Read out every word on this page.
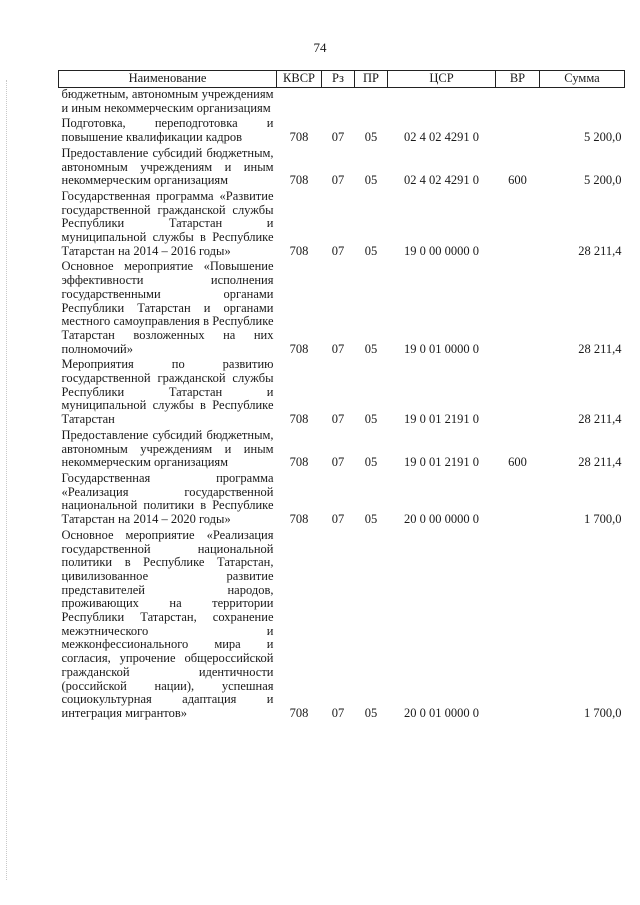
74
Наименование	КВСР	Рз	ПР	ЦСР	ВР	Сумма
бюджетным, автономным учреждениям и иным некоммерческим организациям						
Подготовка, переподготовка и повышение квалификации кадров	708	07	05	02 4 02 4291 0		5 200,0
Предоставление субсидий бюджетным, автономным учреждениям и иным некоммерческим организациям	708	07	05	02 4 02 4291 0	600	5 200,0
Государственная программа «Развитие государственной гражданской службы Республики Татарстан и муниципальной службы в Республике Татарстан на 2014 – 2016 годы»	708	07	05	19 0 00 0000 0		28 211,4
Основное мероприятие «Повышение эффективности исполнения государственными органами Республики Татарстан и органами местного самоуправления в Республике Татарстан возложенных на них полномочий»	708	07	05	19 0 01 0000 0		28 211,4
Мероприятия по развитию государственной гражданской службы Республики Татарстан и муниципальной службы в Республике Татарстан	708	07	05	19 0 01 2191 0		28 211,4
Предоставление субсидий бюджетным, автономным учреждениям и иным некоммерческим организациям	708	07	05	19 0 01 2191 0	600	28 211,4
Государственная программа «Реализация государственной национальной политики в Республике Татарстан на 2014 – 2020 годы»	708	07	05	20 0 00 0000 0		1 700,0
Основное мероприятие «Реализация государственной национальной политики в Республике Татарстан, цивилизованное развитие представителей народов, проживающих на территории Республики Татарстан, сохранение межэтнического и межконфессионального мира и согласия, упрочение общероссийской гражданской идентичности (российской нации), успешная социокультурная адаптация и интеграция мигрантов»	708	07	05	20 0 01 0000 0		1 700,0
